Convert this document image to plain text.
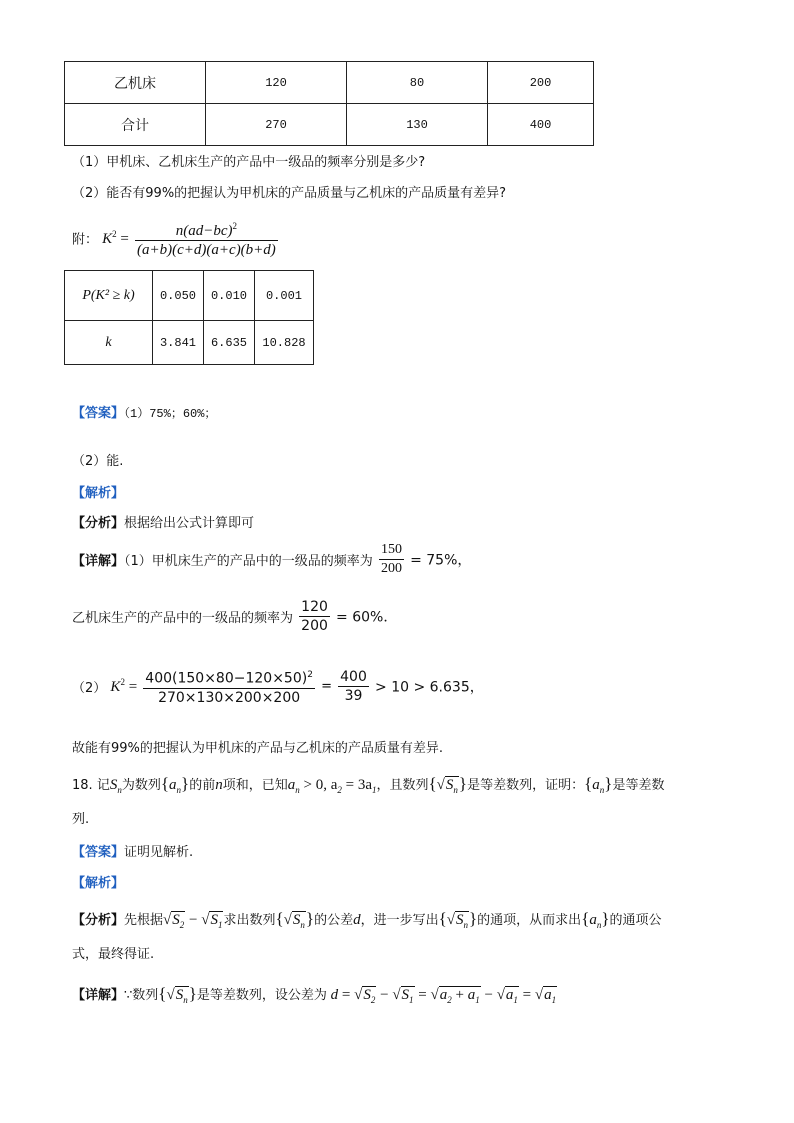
乙机床	120	80	200
合计	270	130	400
（1）甲机床、乙机床生产的产品中一级品的频率分别是多少?
（2）能否有99%的把握认为甲机床的产品质量与乙机床的产品质量有差异?
附： $K^2 = \frac{n(ad-bc)^2}{(a+b)(c+d)(a+c)(b+d)}$
P(K² ≥ k)	0.050	0.010	0.001
k	3.841	6.635	10.828
【答案】（1）75%；60%；
（2）能.
【解析】
【分析】根据给出公式计算即可
【详解】（1）甲机床生产的产品中的一级品的频率为 $\frac{150}{200} = 75\%$，
乙机床生产的产品中的一级品的频率为 $\frac{120}{200} = 60\%$．
（2） $K^2 = \frac{400(150\times 80-120\times 50)^2}{270\times 130\times 200\times 200} = \frac{400}{39} > 10 > 6.635$，
故能有99%的把握认为甲机床的产品与乙机床的产品质量有差异.
18. 记$S_n$为数列$\{a_n\}$的前n项和，已知$a_n > 0$, $a_2 = 3a_1$，且数列$\{√S_n\}$是等差数列，证明：$\{a_n\}$是等差数
列.
【答案】证明见解析.
【解析】
【分析】先根据$√S_2 - √S_1$求出数列$\{√S_n\}$的公差d，进一步写出$\{√S_n\}$的通项，从而求出$\{a_n\}$的通项公
式，最终得证.
【详解】∵数列$\{√S_n\}$是等差数列，设公差为 $d = √S_2 - √S_1 = √a_2 + a_1 - √a_1 = √a_1$
